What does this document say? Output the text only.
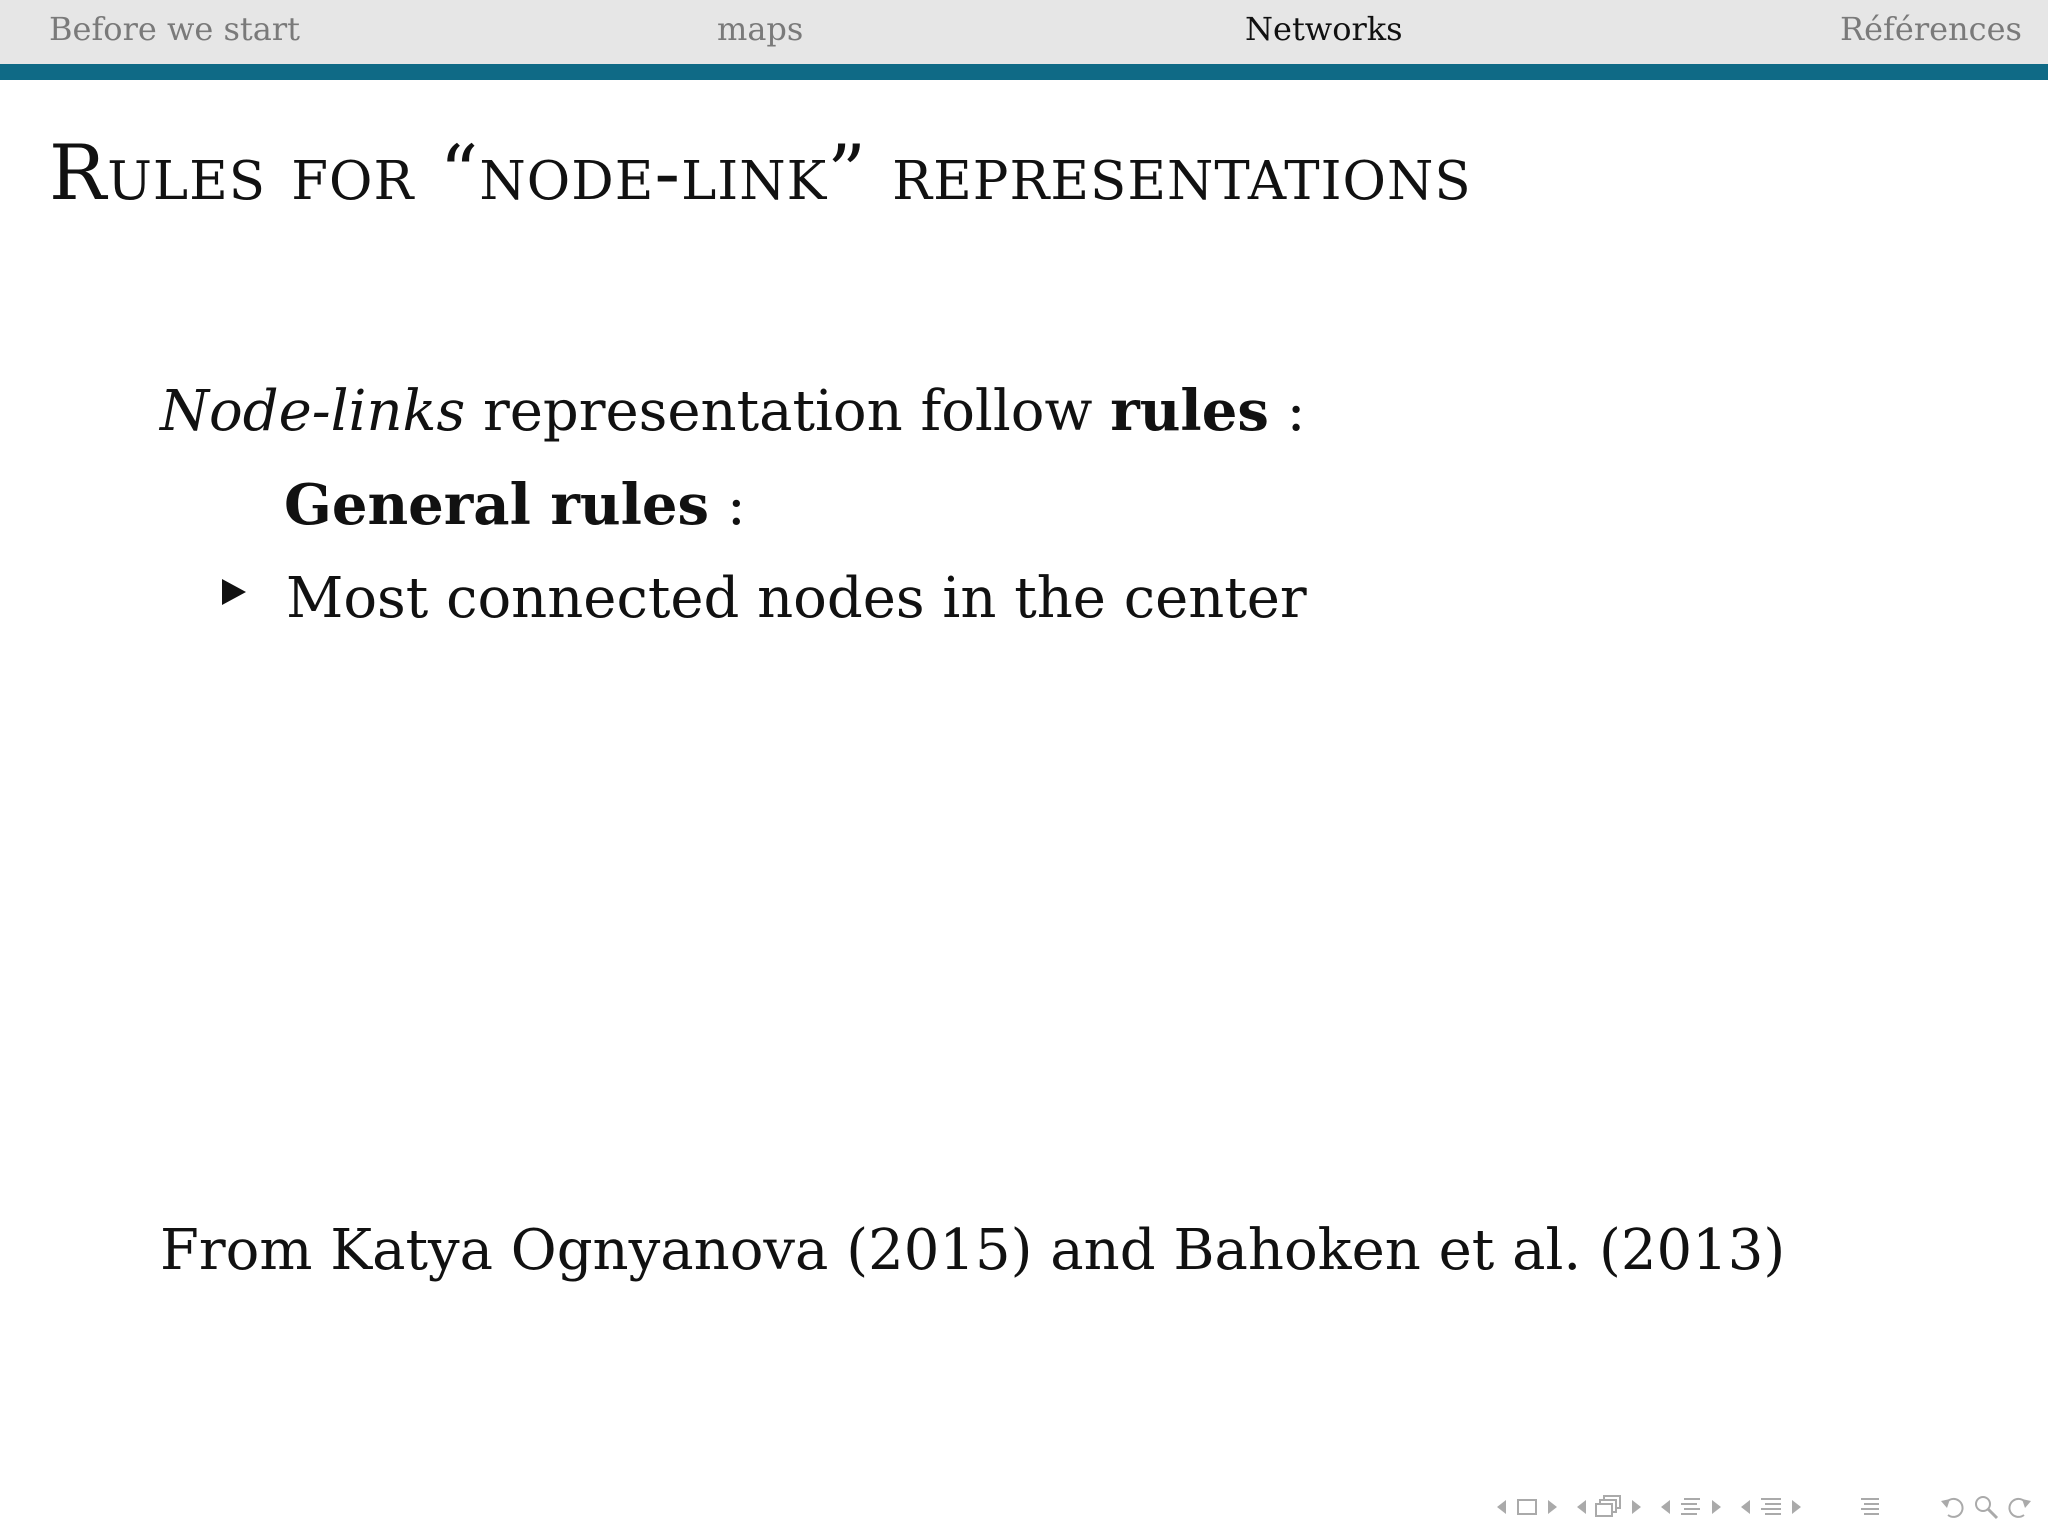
Before we start	maps	Networks	Références
Rules for “node-link” representations
Node-links representation follow rules :
General rules :
Most connected nodes in the center
From Katya Ognyanova (2015) and Bahoken et al. (2013)
